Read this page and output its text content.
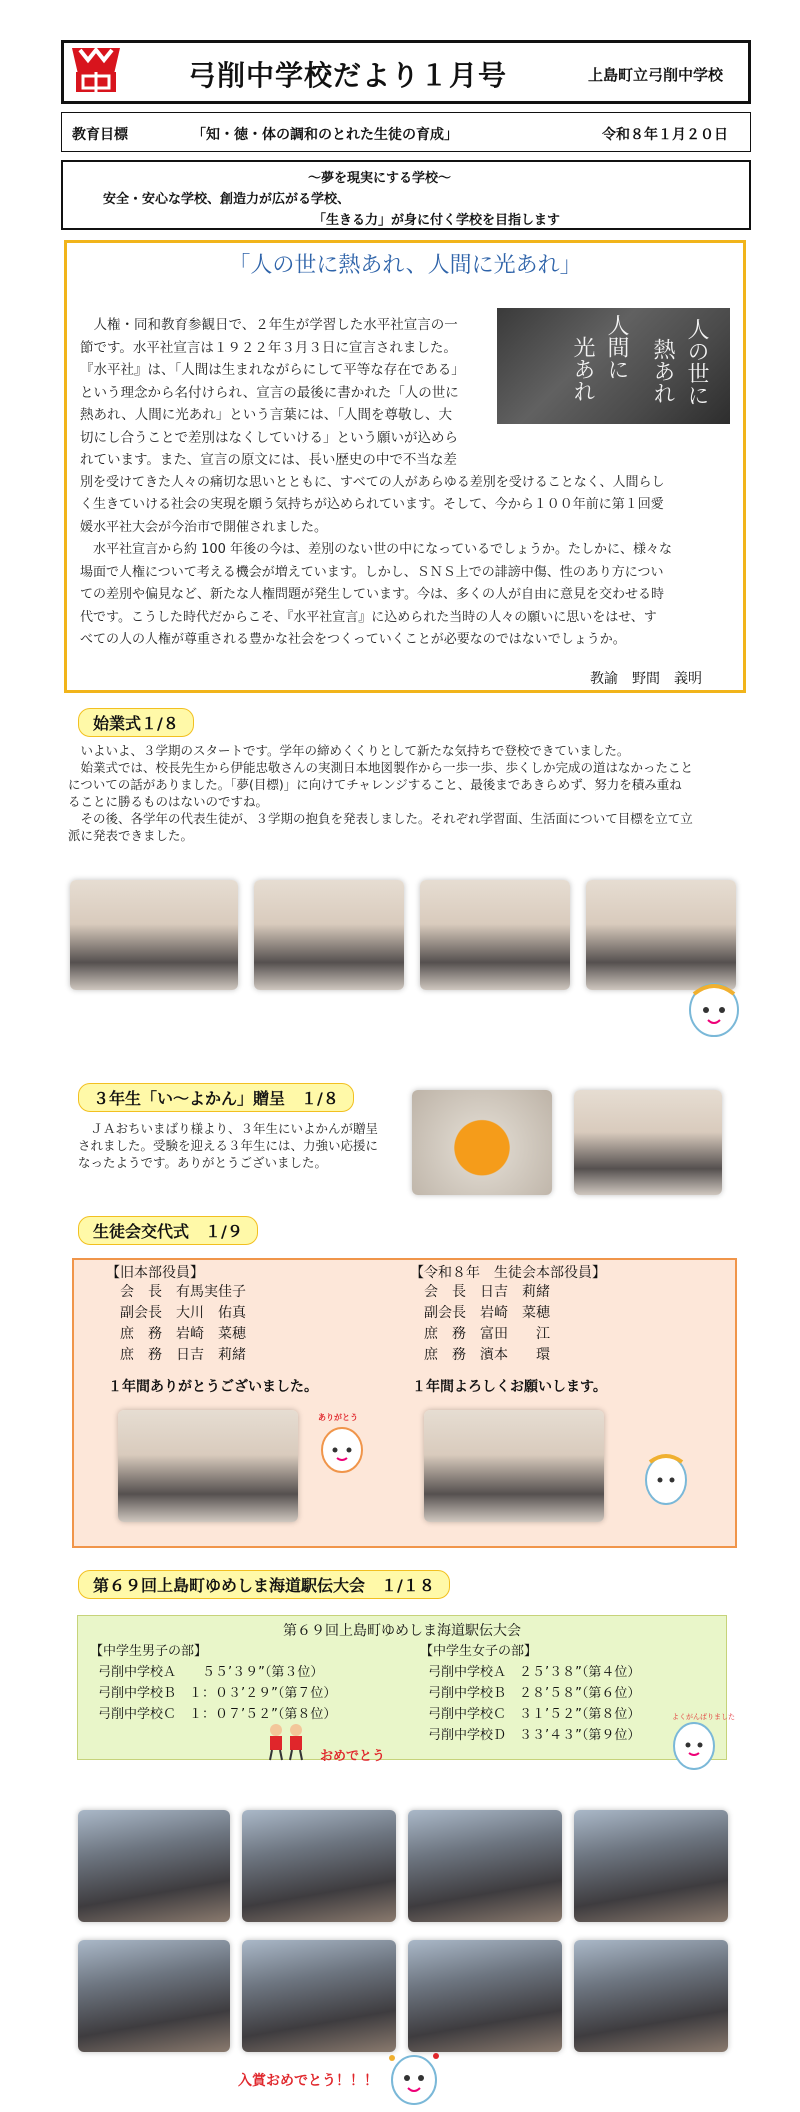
弓削中学校だより１月号	上島町立弓削中学校
教育目標	「知・徳・体の調和のとれた生徒の育成」	令和８年１月２０日
～夢を現実にする学校～
安全・安心な学校、創造力が広がる学校、
「生きる力」が身に付く学校を目指します
「人の世に熱あれ、人間に光あれ」
人の世に
熱あれ
人間に
光あれ
　人権・同和教育参観日で、２年生が学習した水平社宣言の一
節です。水平社宣言は１９２２年３月３日に宣言されました。
『水平社』は、「人間は生まれながらにして平等な存在である」
という理念から名付けられ、宣言の最後に書かれた「人の世に
熱あれ、人間に光あれ」という言葉には、「人間を尊敬し、大
切にし合うことで差別はなくしていける」という願いが込めら
れています。また、宣言の原文には、長い歴史の中で不当な差
別を受けてきた人々の痛切な思いとともに、すべての人があらゆる差別を受けることなく、人間らし
く生きていける社会の実現を願う気持ちが込められています。そして、今から１００年前に第１回愛
媛水平社大会が今治市で開催されました。
　水平社宣言から約 100 年後の今は、差別のない世の中になっているでしょうか。たしかに、様々な
場面で人権について考える機会が増えています。しかし、ＳＮＳ上での誹謗中傷、性のあり方につい
ての差別や偏見など、新たな人権問題が発生しています。今は、多くの人が自由に意見を交わせる時
代です。こうした時代だからこそ、『水平社宣言』に込められた当時の人々の願いに思いをはせ、す
べての人の人権が尊重される豊かな社会をつくっていくことが必要なのではないでしょうか。
教諭　野間　義明
始業式１/８
　いよいよ、３学期のスタートです。学年の締めくくりとして新たな気持ちで登校できていました。
　始業式では、校長先生から伊能忠敬さんの実測日本地図製作から一歩一歩、歩くしか完成の道はなかったこと
についての話がありました。「夢(目標)」に向けてチャレンジすること、最後まであきらめず、努力を積み重ね
ることに勝るものはないのですね。
　その後、各学年の代表生徒が、３学期の抱負を発表しました。それぞれ学習面、生活面について目標を立て立
派に発表できました。
３年生「い～よかん」贈呈　１/８
　ＪＡおちいまばり様より、３年生にいよかんが贈呈
されました。受験を迎える３年生には、力強い応援に
なったようです。ありがとうございました。
生徒会交代式　１/９
【旧本部役員】
会　長　有馬実佳子
副会長　大川　佑真
庶　務　岩崎　菜穂
庶　務　日吉　莉緒
【令和８年　生徒会本部役員】
会　長　日吉　莉緒
副会長　岩崎　菜穂
庶　務　富田　　江
庶　務　濱本　　環
１年間ありがとうございました。	１年間よろしくお願いします。
ありがとう
第６９回上島町ゆめしま海道駅伝大会　１/１８
第６９回上島町ゆめしま海道駅伝大会
【中学生男子の部】
弓削中学校Ａ　　５５’３９”（第３位）
弓削中学校Ｂ　１：０３’２９”（第７位）
弓削中学校Ｃ　１：０７’５２”（第８位）
【中学生女子の部】
弓削中学校Ａ　２５’３８”（第４位）
弓削中学校Ｂ　２８’５８”（第６位）
弓削中学校Ｃ　３１’５２”（第８位）
弓削中学校Ｄ　３３’４３”（第９位）
おめでとう
よくがんばりました
入賞おめでとう！！！
